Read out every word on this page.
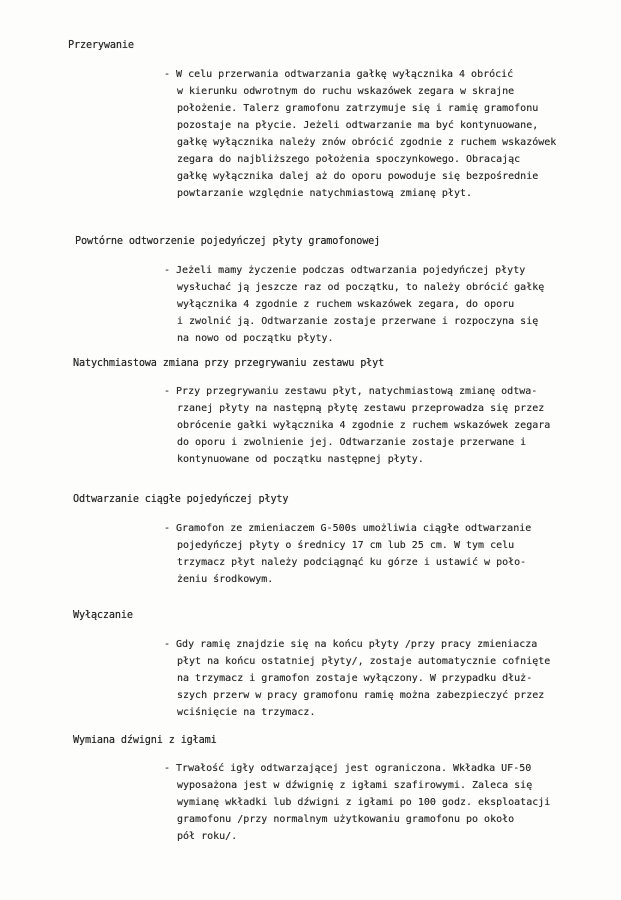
Przerywanie
- W celu przerwania odtwarzania gałkę wyłącznika 4 obrócić
w kierunku odwrotnym do ruchu wskazówek zegara w skrajne
położenie. Talerz gramofonu zatrzymuje się i ramię gramofonu
pozostaje na płycie. Jeżeli odtwarzanie ma być kontynuowane,
gałkę wyłącznika należy znów obrócić zgodnie z ruchem wskazówek
zegara do najbliższego położenia spoczynkowego. Obracając
gałkę wyłącznika dalej aż do oporu powoduje się bezpośrednie
powtarzanie względnie natychmiastową zmianę płyt.
Powtórne odtworzenie pojedyńczej płyty gramofonowej
- Jeżeli mamy życzenie podczas odtwarzania pojedyńczej płyty
wysłuchać ją jeszcze raz od początku, to należy obrócić gałkę
wyłącznika 4 zgodnie z ruchem wskazówek zegara, do oporu
i zwolnić ją. Odtwarzanie zostaje przerwane i rozpoczyna się
na nowo od początku płyty.
Natychmiastowa zmiana przy przegrywaniu zestawu płyt
- Przy przegrywaniu zestawu płyt, natychmiastową zmianę odtwa-
rzanej płyty na następną płytę zestawu przeprowadza się przez
obrócenie gałki wyłącznika 4 zgodnie z ruchem wskazówek zegara
do oporu i zwolnienie jej. Odtwarzanie zostaje przerwane i
kontynuowane od początku następnej płyty.
Odtwarzanie ciągłe pojedyńczej płyty
- Gramofon ze zmieniaczem G-500s umożliwia ciągłe odtwarzanie
pojedyńczej płyty o średnicy 17 cm lub 25 cm. W tym celu
trzymacz płyt należy podciągnąć ku górze i ustawić w poło-
żeniu środkowym.
Wyłączanie
- Gdy ramię znajdzie się na końcu płyty /przy pracy zmieniacza
płyt na końcu ostatniej płyty/, zostaje automatycznie cofnięte
na trzymacz i gramofon zostaje wyłączony. W przypadku dłuż-
szych przerw w pracy gramofonu ramię można zabezpieczyć przez
wciśnięcie na trzymacz.
Wymiana dźwigni z igłami
- Trwałość igły odtwarzającej jest ograniczona. Wkładka UF-50
wyposażona jest w dźwignię z igłami szafirowymi. Zaleca się
wymianę wkładki lub dźwigni z igłami po 100 godz. eksploatacji
gramofonu /przy normalnym użytkowaniu gramofonu po około
pół roku/.
